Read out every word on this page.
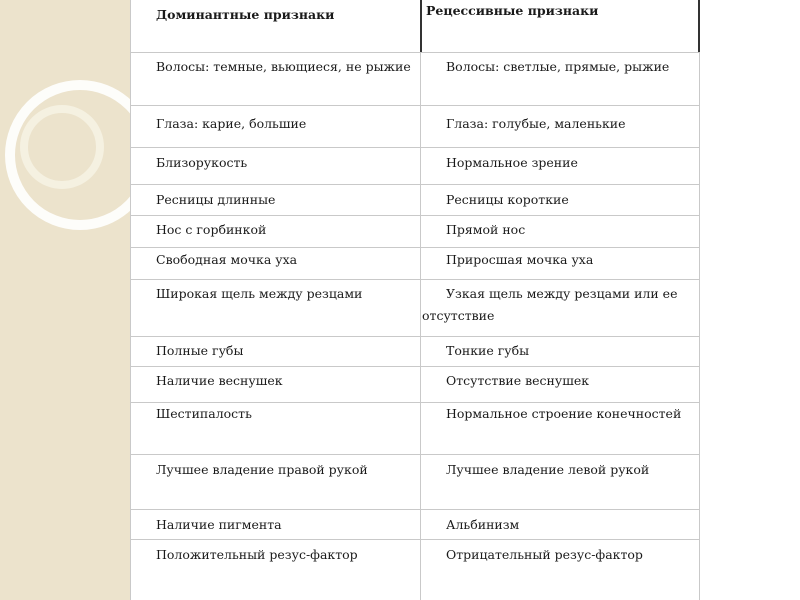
Доминантные признаки	Рецессивные признаки
Волосы: темные, вьющиеся, не рыжие	Волосы: светлые, прямые, рыжие
Глаза: карие, большие	Глаза: голубые, маленькие
Близорукость	Нормальное зрение
Ресницы длинные	Ресницы короткие
Нос с горбинкой	Прямой нос
Свободная мочка уха	Приросшая мочка уха
Широкая щель между резцами	Узкая щель между резцами или ее
отсутствие
Полные губы	Тонкие губы
Наличие веснушек	Отсутствие веснушек
Шестипалость	Нормальное строение конечностей
Лучшее владение правой рукой	Лучшее владение левой рукой
Наличие пигмента	Альбинизм
Положительный резус-фактор	Отрицательный резус-фактор
